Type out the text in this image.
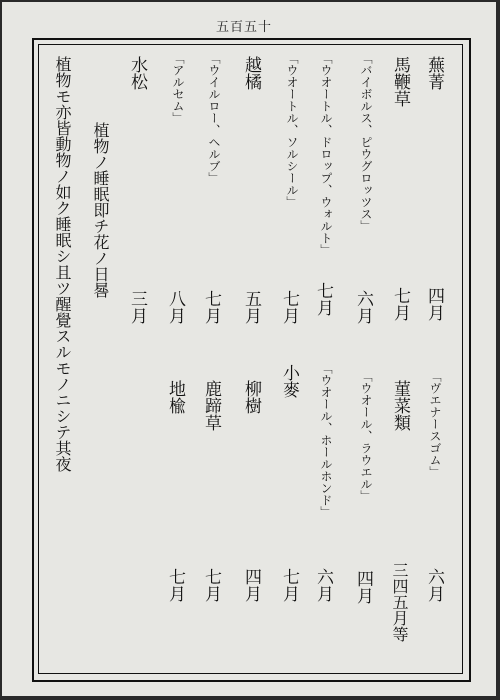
五百五十
蕪菁
四月
「ヴエナースゴム」
六月
馬鞭草
七月
菫菜類
三四五月等
「バイボルス、ピウグロッツス」
六月
「ウオール、ラウエル」
四月
「ウオートル、ドロップ、ウォルト」
七月
「ウオール、ホールホンド」
六月
「ウオートル、ソルシール」
七月
小麥
七月
越橘
五月
柳樹
四月
「ウイルロー、ヘルブ」
七月
鹿蹄草
七月
「アルセム」
八月
地楡
七月
水松
三月
植物ノ睡眠即チ花ノ日晷
植物モ亦皆動物ノ如ク睡眠シ且ツ醒覺スルモノニシテ其夜
